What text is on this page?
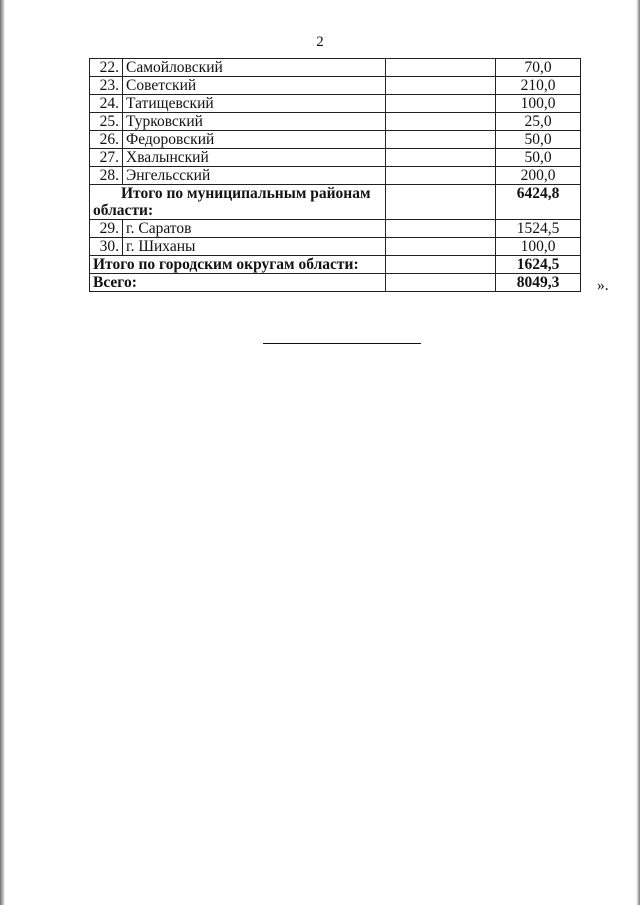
2
22.	Самойловский		70,0
23.	Советский		210,0
24.	Татищевский		100,0
25.	Турковский		25,0
26.	Федоровский		50,0
27.	Хвалынский		50,0
28.	Энгельсский		200,0

Итого по муниципальным районам
области:			6424,8
29.	г. Саратов		1524,5
30.	г. Шиханы		100,0
Итого по городским округам области:			1624,5
Всего:			8049,3 ».
